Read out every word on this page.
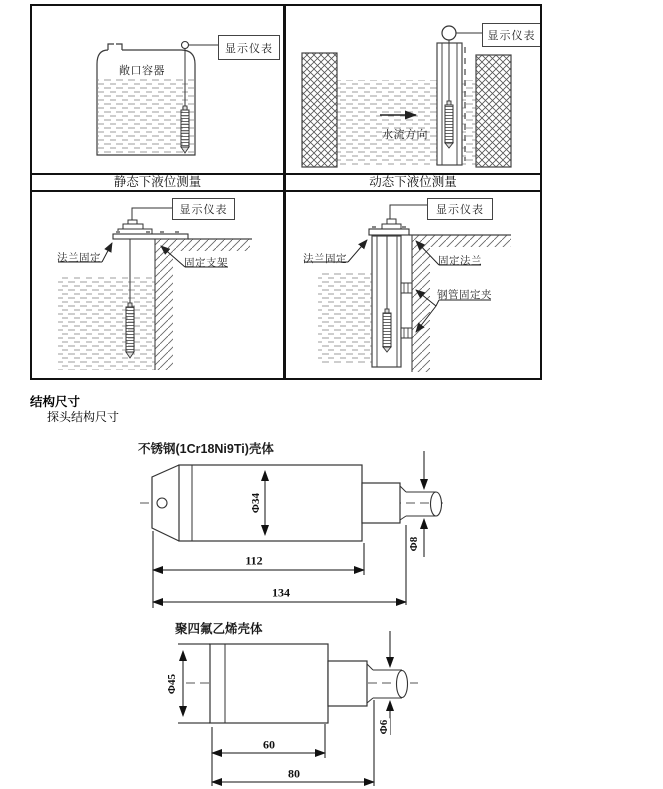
显示仪表
敞口容器
显示仪表
水流方向
静态下液位测量	动态下液位测量
显示仪表
法兰固定	固定支架
显示仪表
法兰固定	固定法兰
钢管固定夹
结构尺寸
探头结构尺寸
不锈钢(1Cr18Ni9Ti)壳体
Φ34
Φ8
112
134
聚四氟乙烯壳体
Φ45
Φ6
60
80
